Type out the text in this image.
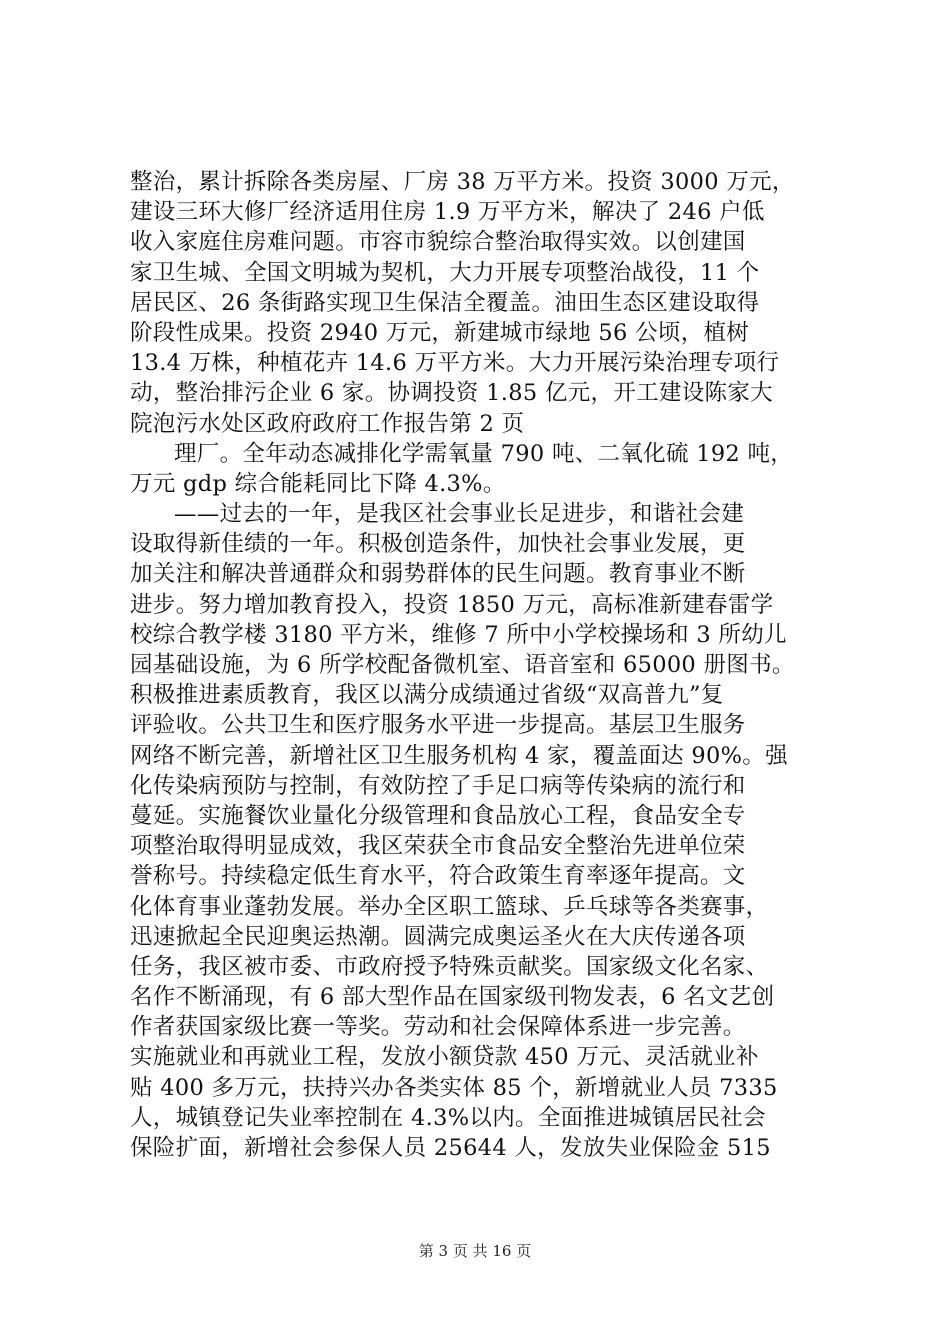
整治，累计拆除各类房屋、厂房 38 万平方米。投资 3000 万元，
建设三环大修厂经济适用住房 1.9 万平方米，解决了 246 户低
收入家庭住房难问题。市容市貌综合整治取得实效。以创建国
家卫生城、全国文明城为契机，大力开展专项整治战役，11 个
居民区、26 条街路实现卫生保洁全覆盖。油田生态区建设取得
阶段性成果。投资 2940 万元，新建城市绿地 56 公顷，植树
13.4 万株，种植花卉 14.6 万平方米。大力开展污染治理专项行
动，整治排污企业 6 家。协调投资 1.85 亿元，开工建设陈家大
院泡污水处区政府政府工作报告第 2 页
理厂。全年动态减排化学需氧量 790 吨、二氧化硫 192 吨，
万元 gdp 综合能耗同比下降 4.3%。
——过去的一年，是我区社会事业长足进步，和谐社会建
设取得新佳绩的一年。积极创造条件，加快社会事业发展，更
加关注和解决普通群众和弱势群体的民生问题。教育事业不断
进步。努力增加教育投入，投资 1850 万元，高标准新建春雷学
校综合教学楼 3180 平方米，维修 7 所中小学校操场和 3 所幼儿
园基础设施，为 6 所学校配备微机室、语音室和 65000 册图书。
积极推进素质教育，我区以满分成绩通过省级“双高普九”复
评验收。公共卫生和医疗服务水平进一步提高。基层卫生服务
网络不断完善，新增社区卫生服务机构 4 家，覆盖面达 90%。强
化传染病预防与控制，有效防控了手足口病等传染病的流行和
蔓延。实施餐饮业量化分级管理和食品放心工程，食品安全专
项整治取得明显成效，我区荣获全市食品安全整治先进单位荣
誉称号。持续稳定低生育水平，符合政策生育率逐年提高。文
化体育事业蓬勃发展。举办全区职工篮球、乒乓球等各类赛事，
迅速掀起全民迎奥运热潮。圆满完成奥运圣火在大庆传递各项
任务，我区被市委、市政府授予特殊贡献奖。国家级文化名家、
名作不断涌现，有 6 部大型作品在国家级刊物发表，6 名文艺创
作者获国家级比赛一等奖。劳动和社会保障体系进一步完善。
实施就业和再就业工程，发放小额贷款 450 万元、灵活就业补
贴 400 多万元，扶持兴办各类实体 85 个，新增就业人员 7335
人，城镇登记失业率控制在 4.3%以内。全面推进城镇居民社会
保险扩面，新增社会参保人员 25644 人，发放失业保险金 515
第 3 页 共 16 页
